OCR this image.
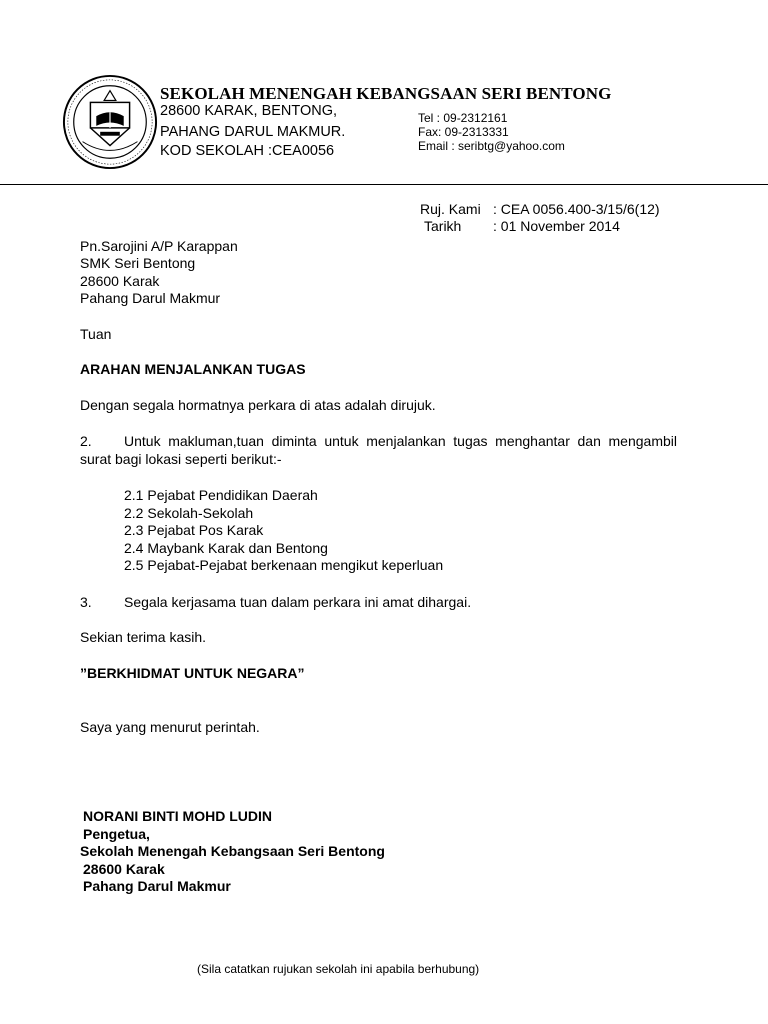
SEKOLAH MENENGAH KEBANGSAAN SERI BENTONG
28600 KARAK, BENTONG,
PAHANG DARUL MAKMUR.
KOD SEKOLAH :CEA0056
Tel : 09-2312161
Fax: 09-2313331
Email : seribtg@yahoo.com
Ruj. Kami : CEA 0056.400-3/15/6(12)
Tarikh : 01 November 2014
Pn.Sarojini A/P Karappan
SMK Seri Bentong
28600 Karak
Pahang Darul Makmur
Tuan
ARAHAN MENJALANKAN TUGAS
Dengan segala hormatnya perkara di atas adalah dirujuk.
2. Untuk makluman,tuan diminta untuk menjalankan tugas menghantar dan mengambil surat bagi lokasi seperti berikut:-
2.1 Pejabat Pendidikan Daerah
2.2 Sekolah-Sekolah
2.3 Pejabat Pos Karak
2.4 Maybank Karak dan Bentong
2.5 Pejabat-Pejabat berkenaan mengikut keperluan
3. Segala kerjasama tuan dalam perkara ini amat dihargai.
Sekian terima kasih.
”BERKHIDMAT UNTUK NEGARA”
Saya yang menurut perintah.
NORANI BINTI MOHD LUDIN
Pengetua,
Sekolah Menengah Kebangsaan Seri Bentong
28600 Karak
Pahang Darul Makmur
(Sila catatkan rujukan sekolah ini apabila berhubung)
